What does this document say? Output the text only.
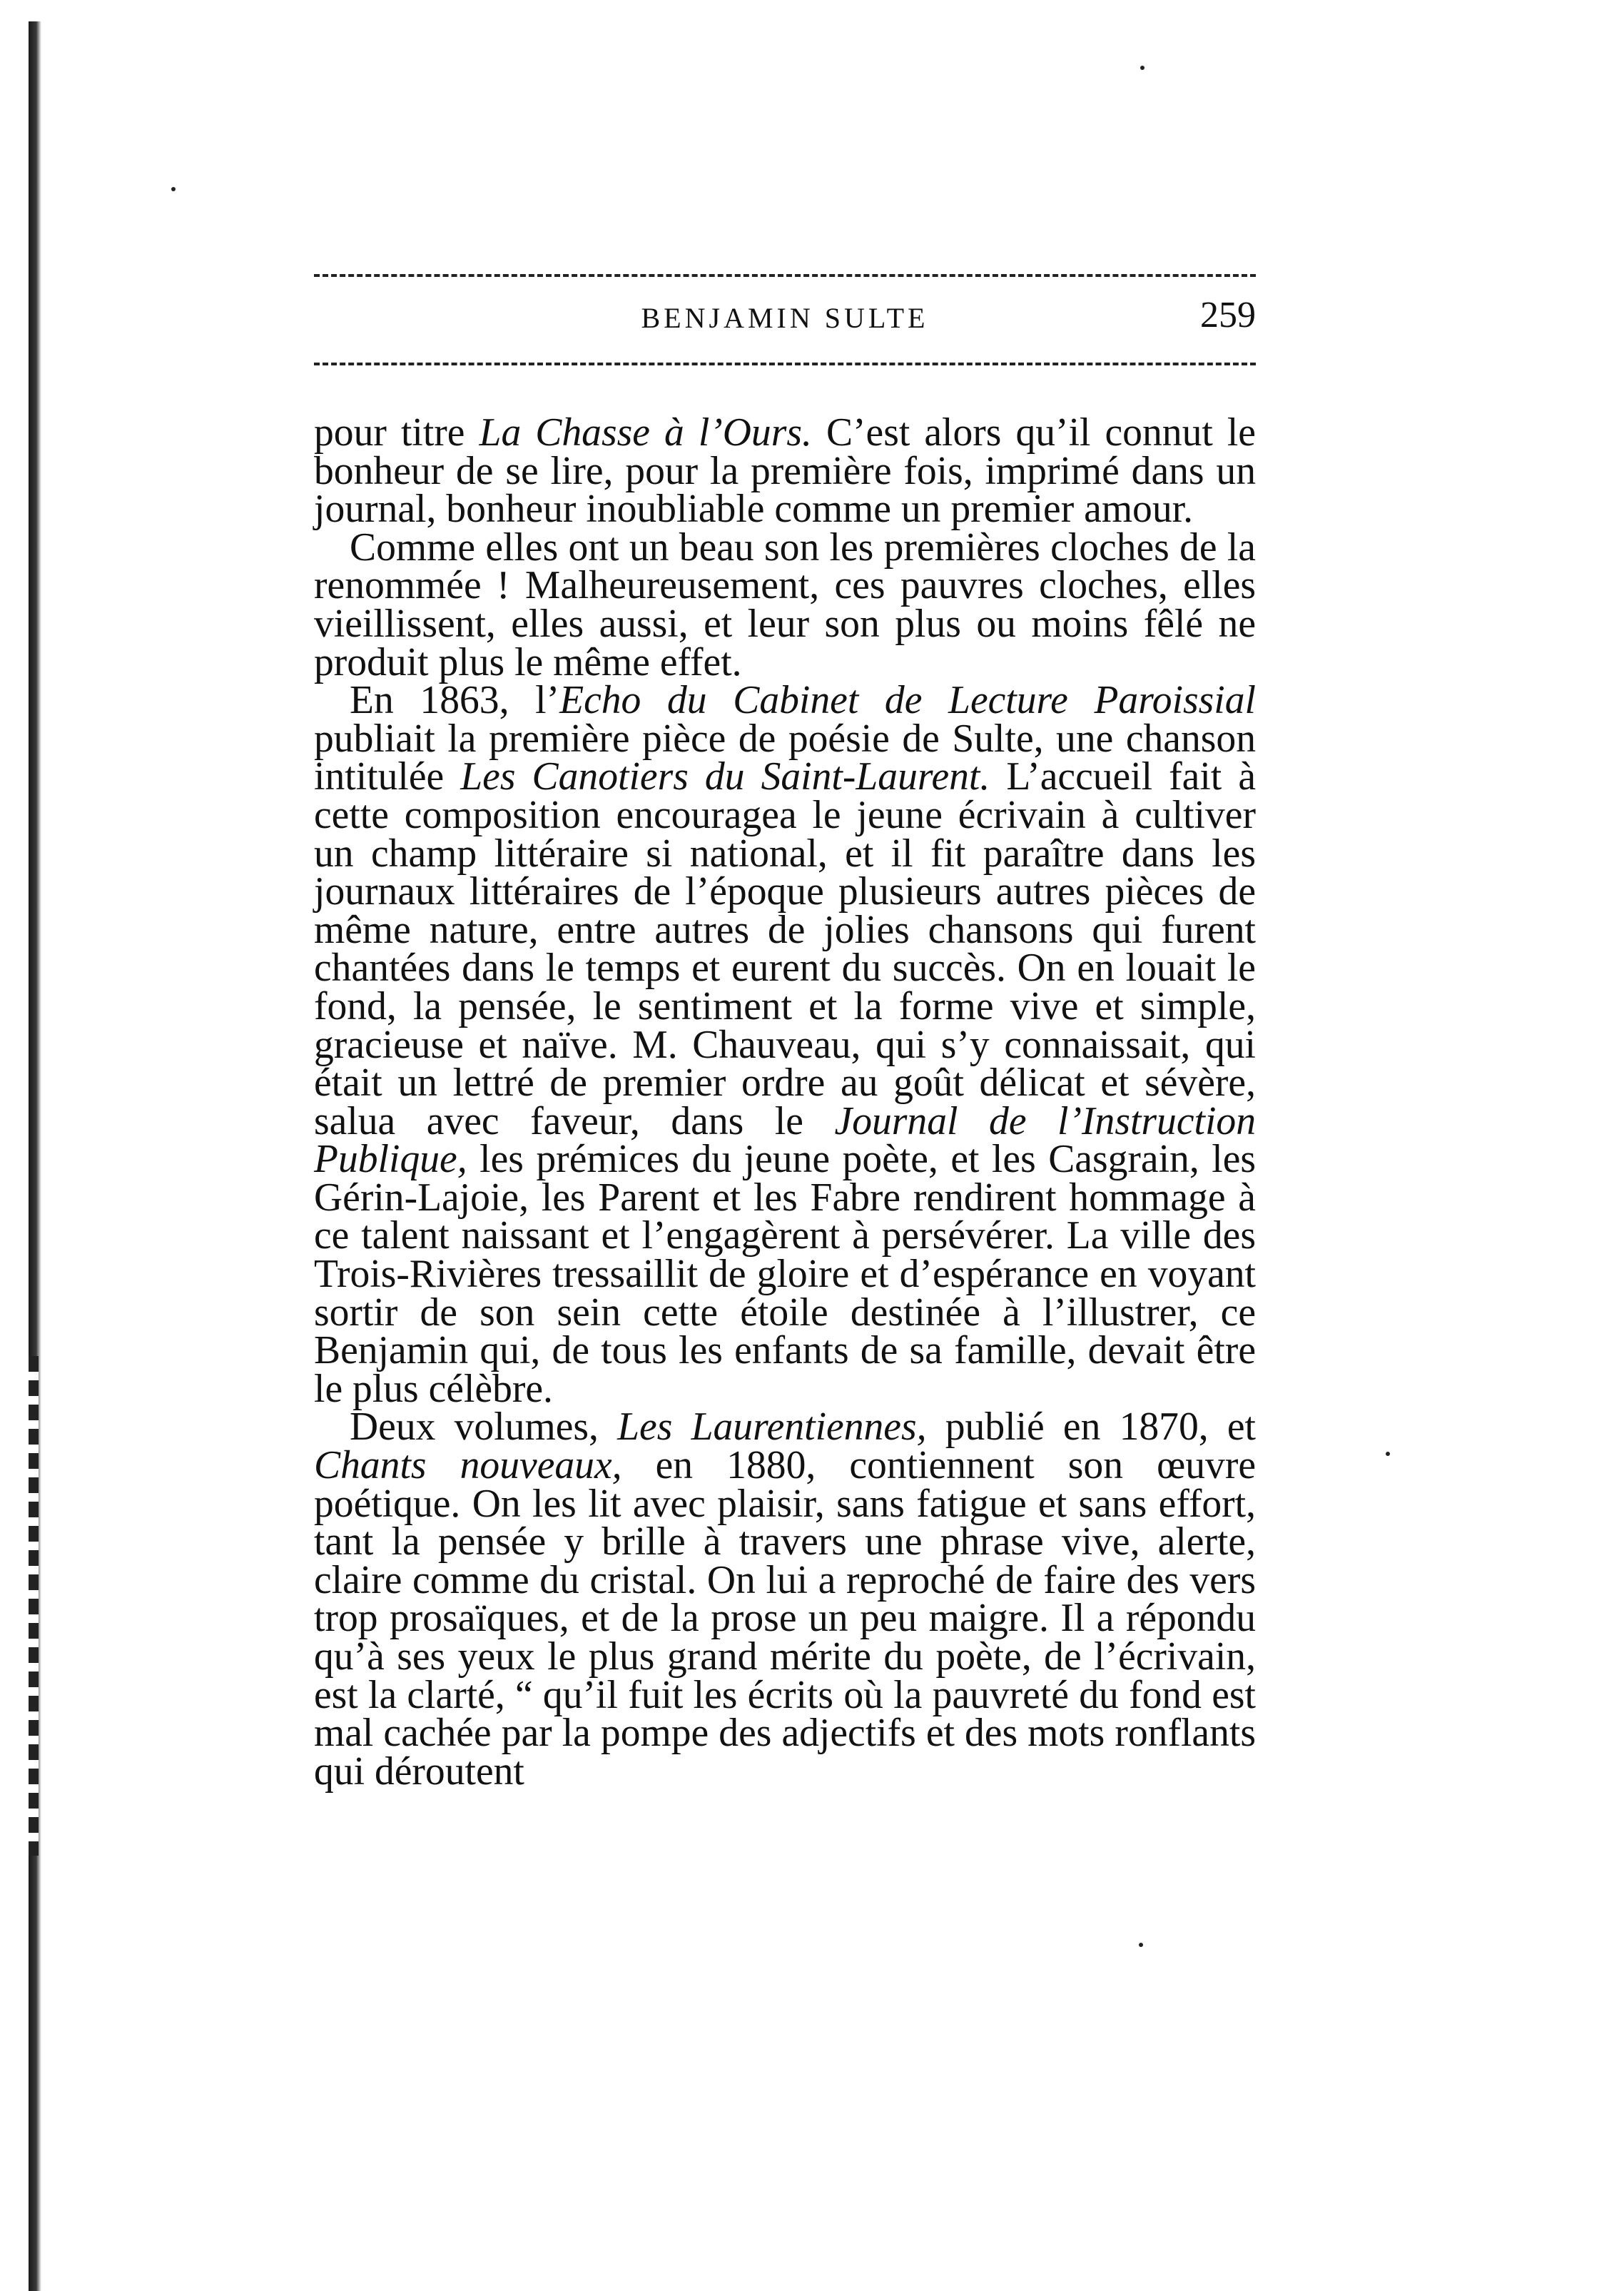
BENJAMIN SULTE	259

pour titre La Chasse à l’Ours. C’est alors qu’il connut le bonheur de se lire, pour la première fois, imprimé dans un journal, bonheur inoubliable comme un premier amour.

Comme elles ont un beau son les premières cloches de la renommée ! Malheureusement, ces pauvres cloches, elles vieillissent, elles aussi, et leur son plus ou moins fêlé ne produit plus le même effet.

En 1863, l’Echo du Cabinet de Lecture Paroissial publiait la première pièce de poésie de Sulte, une chanson intitulée Les Canotiers du Saint-Laurent. L’accueil fait à cette composition encouragea le jeune écrivain à cultiver un champ littéraire si national, et il fit paraître dans les journaux littéraires de l’époque plusieurs autres pièces de même nature, entre autres de jolies chansons qui furent chantées dans le temps et eurent du succès. On en louait le fond, la pensée, le sentiment et la forme vive et simple, gracieuse et naïve. M. Chauveau, qui s’y connaissait, qui était un lettré de premier ordre au goût délicat et sévère, salua avec faveur, dans le Journal de l’Instruction Publique, les prémices du jeune poète, et les Casgrain, les Gérin-Lajoie, les Parent et les Fabre rendirent hommage à ce talent naissant et l’engagèrent à persévérer. La ville des Trois-Rivières tressaillit de gloire et d’espérance en voyant sortir de son sein cette étoile destinée à l’illustrer, ce Benjamin qui, de tous les enfants de sa famille, devait être le plus célèbre.

Deux volumes, Les Laurentiennes, publié en 1870, et Chants nouveaux, en 1880, contiennent son œuvre poétique. On les lit avec plaisir, sans fatigue et sans effort, tant la pensée y brille à travers une phrase vive, alerte, claire comme du cristal. On lui a reproché de faire des vers trop prosaïques, et de la prose un peu maigre. Il a répondu qu’à ses yeux le plus grand mérite du poète, de l’écrivain, est la clarté, “ qu’il fuit les écrits où la pauvreté du fond est mal cachée par la pompe des adjectifs et des mots ronflants qui déroutent
